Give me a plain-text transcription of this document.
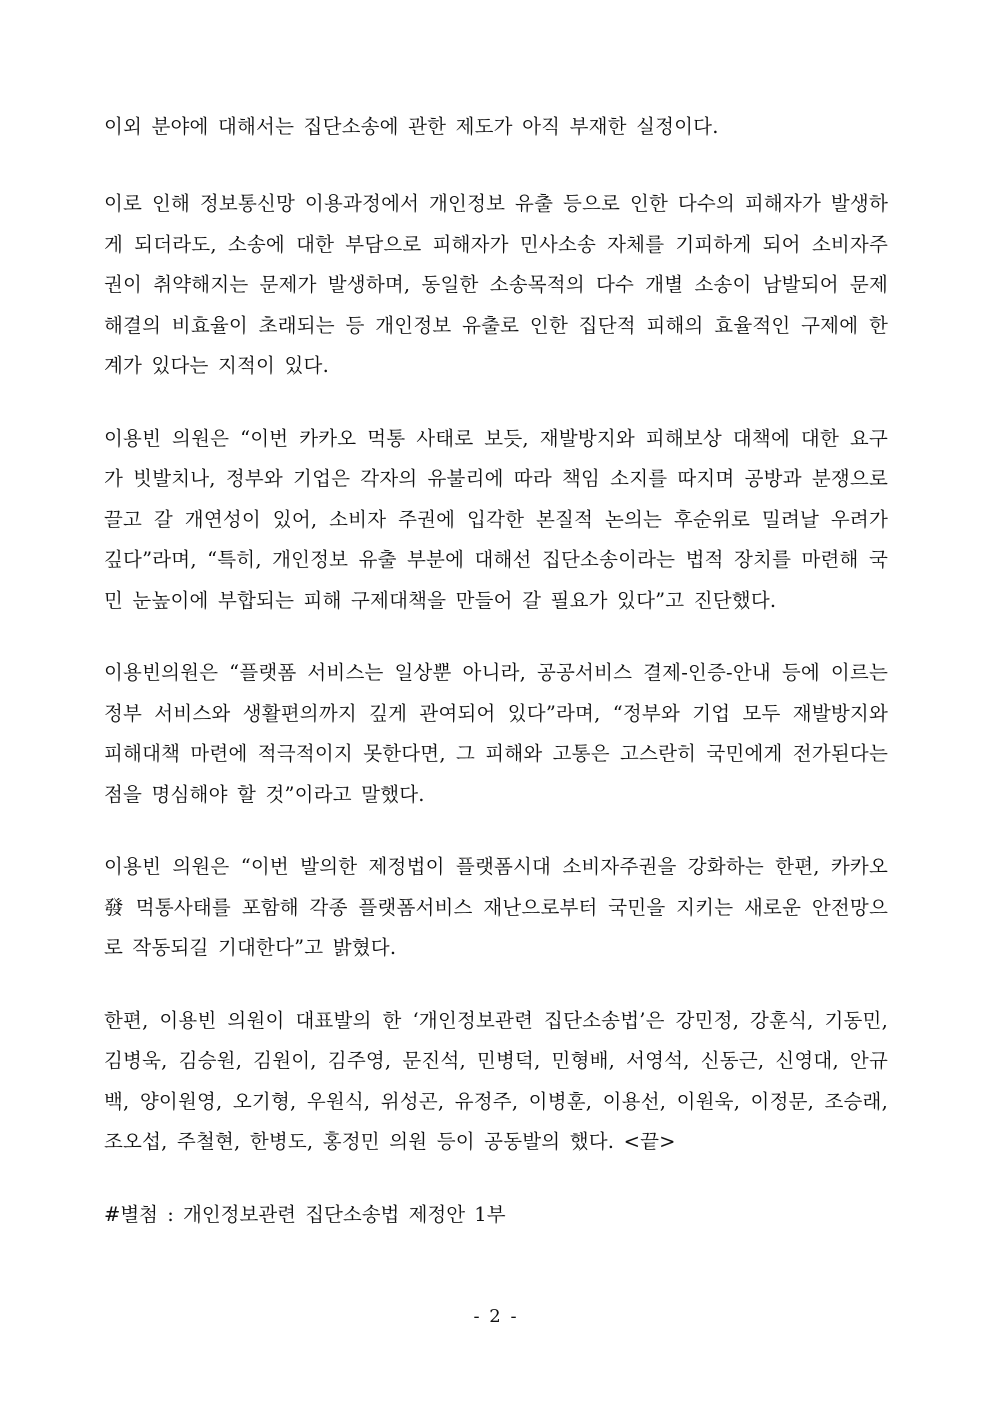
이외 분야에 대해서는 집단소송에 관한 제도가 아직 부재한 실정이다.

이로 인해 정보통신망 이용과정에서 개인정보 유출 등으로 인한 다수의 피해자가 발생하게 되더라도, 소송에 대한 부담으로 피해자가 민사소송 자체를 기피하게 되어 소비자주권이 취약해지는 문제가 발생하며, 동일한 소송목적의 다수 개별 소송이 남발되어 문제해결의 비효율이 초래되는 등 개인정보 유출로 인한 집단적 피해의 효율적인 구제에 한계가 있다는 지적이 있다.

이용빈 의원은 “이번 카카오 먹통 사태로 보듯, 재발방지와 피해보상 대책에 대한 요구가 빗발치나, 정부와 기업은 각자의 유불리에 따라 책임 소지를 따지며 공방과 분쟁으로 끌고 갈 개연성이 있어, 소비자 주권에 입각한 본질적 논의는 후순위로 밀려날 우려가 깊다”라며, “특히, 개인정보 유출 부분에 대해선 집단소송이라는 법적 장치를 마련해 국민 눈높이에 부합되는 피해 구제대책을 만들어 갈 필요가 있다”고 진단했다.

이용빈의원은 “플랫폼 서비스는 일상뿐 아니라, 공공서비스 결제-인증-안내 등에 이르는 정부 서비스와 생활편의까지 깊게 관여되어 있다”라며, “정부와 기업 모두 재발방지와 피해대책 마련에 적극적이지 못한다면, 그 피해와 고통은 고스란히 국민에게 전가된다는 점을 명심해야 할 것”이라고 말했다.

이용빈 의원은 “이번 발의한 제정법이 플랫폼시대 소비자주권을 강화하는 한편, 카카오發 먹통사태를 포함해 각종 플랫폼서비스 재난으로부터 국민을 지키는 새로운 안전망으로 작동되길 기대한다”고 밝혔다.

한편, 이용빈 의원이 대표발의 한 ‘개인정보관련 집단소송법’은 강민정, 강훈식, 기동민, 김병욱, 김승원, 김원이, 김주영, 문진석, 민병덕, 민형배, 서영석, 신동근, 신영대, 안규백, 양이원영, 오기형, 우원식, 위성곤, 유정주, 이병훈, 이용선, 이원욱, 이정문, 조승래, 조오섭, 주철현, 한병도, 홍정민 의원 등이 공동발의 했다. <끝>

#별첨 : 개인정보관련 집단소송법 제정안 1부

- 2 -
